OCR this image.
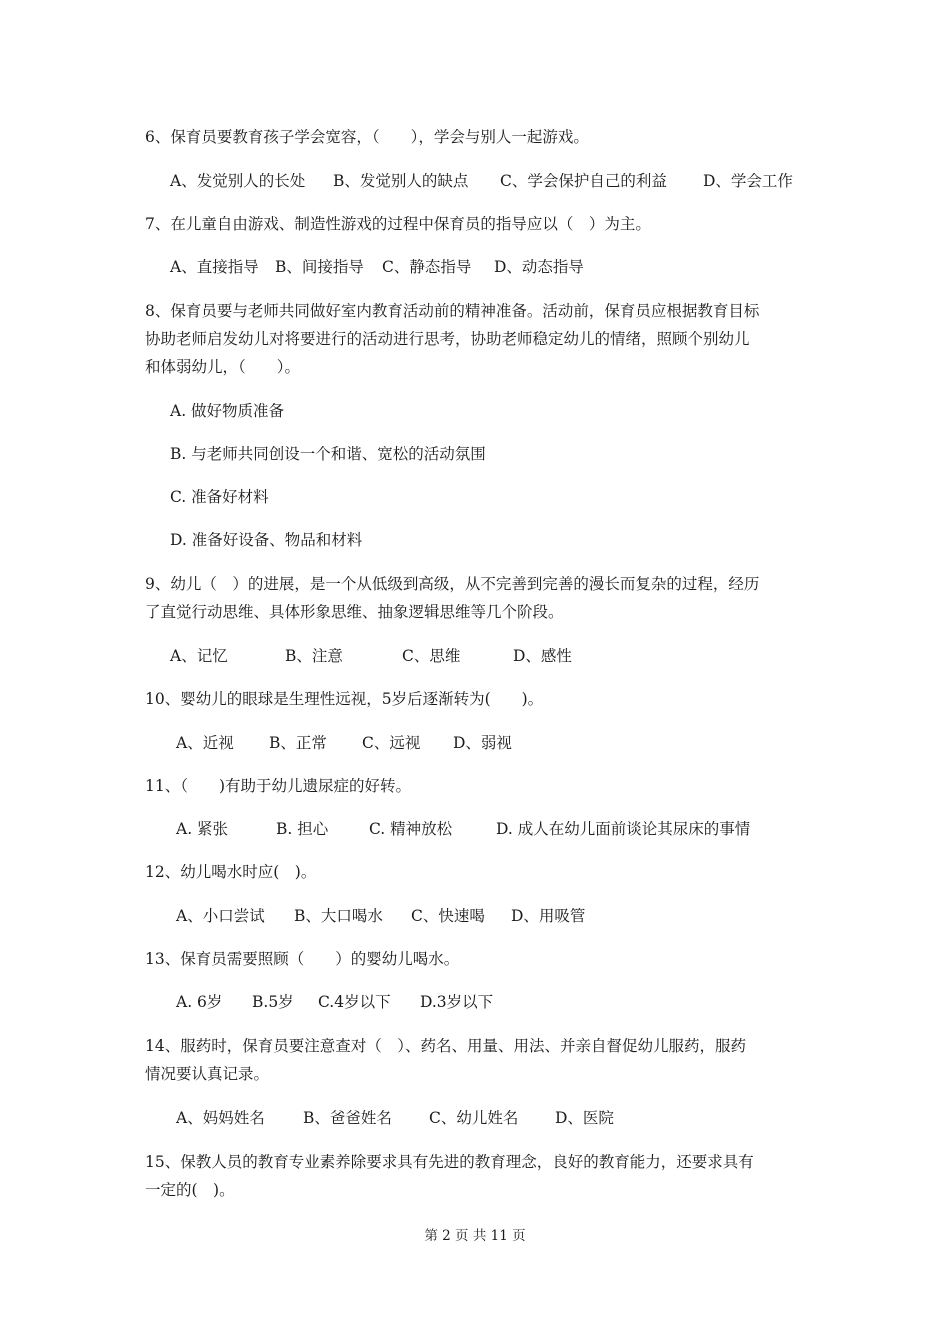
6、保育员要教育孩子学会宽容，（　　），学会与别人一起游戏。
A、发觉别人的长处 B、发觉别人的缺点 C、学会保护自己的利益 D、学会工作
7、在儿童自由游戏、制造性游戏的过程中保育员的指导应以（　）为主。
A、直接指导 B、间接指导 C、静态指导 D、动态指导
8、保育员要与老师共同做好室内教育活动前的精神准备。活动前，保育员应根据教育目标
协助老师启发幼儿对将要进行的活动进行思考，协助老师稳定幼儿的情绪，照顾个别幼儿
和体弱幼儿，（　　）。
A. 做好物质准备
B. 与老师共同创设一个和谐、宽松的活动氛围
C. 准备好材料
D. 准备好设备、物品和材料
9、幼儿（　）的进展，是一个从低级到高级，从不完善到完善的漫长而复杂的过程，经历
了直觉行动思维、具体形象思维、抽象逻辑思维等几个阶段。
A、记忆	B、注意	C、思维	D、感性
10、婴幼儿的眼球是生理性远视，5岁后逐渐转为(　　)。
A、近视 B、正常 C、远视 D、弱视
11、（　　)有助于幼儿遗尿症的好转。
A. 紧张	B. 担心	C. 精神放松	D. 成人在幼儿面前谈论其尿床的事情
12、幼儿喝水时应(　)。
A、小口尝试 B、大口喝水 C、快速喝 D、用吸管
13、保育员需要照顾（　　）的婴幼儿喝水。
A. 6岁 B.5岁 C.4岁以下 D.3岁以下
14、服药时，保育员要注意查对（　）、药名、用量、用法、并亲自督促幼儿服药，服药
情况要认真记录。
A、妈妈姓名 B、爸爸姓名 C、幼儿姓名 D、医院
15、保教人员的教育专业素养除要求具有先进的教育理念，良好的教育能力，还要求具有
一定的(　)。
第 2 页 共 11 页
